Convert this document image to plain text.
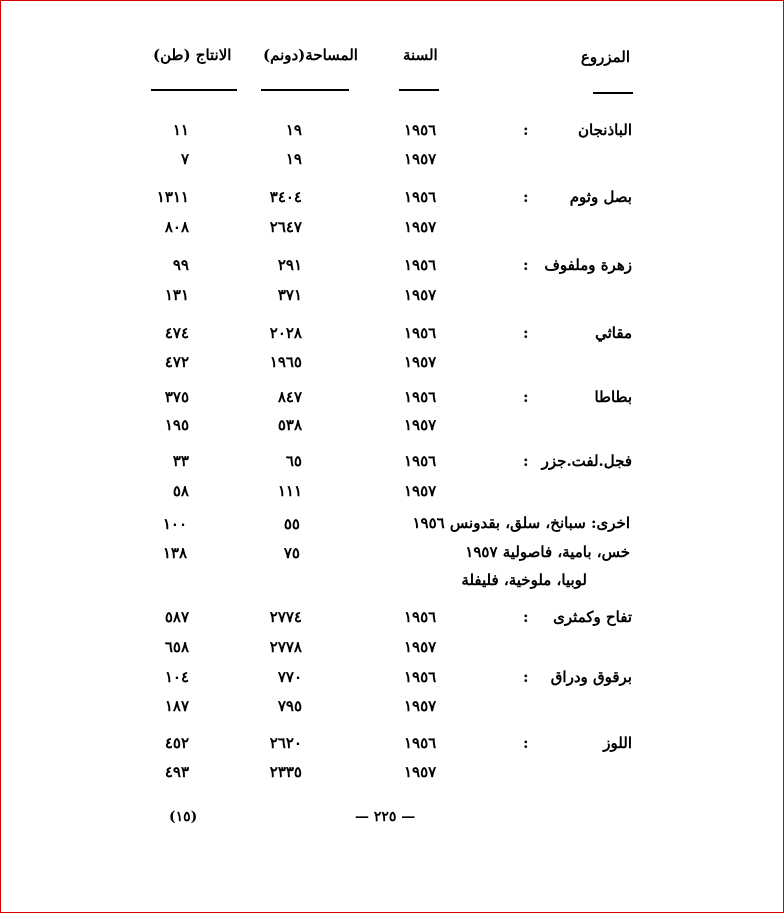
المزروع
السنة
المساحة(دونم)
الانتاج (طن)
الباذنجان
:
١٩٥٦
١٩
١١
١٩٥٧
١٩
٧
بصل وثوم
:
١٩٥٦
٣٤٠٤
١٣١١
١٩٥٧
٢٦٤٧
٨٠٨
زهرة وملفوف
:
١٩٥٦
٢٩١
٩٩
١٩٥٧
٣٧١
١٣١
مقاثي
:
١٩٥٦
٢٠٢٨
٤٧٤
١٩٥٧
١٩٦٥
٤٧٢
بطاطا
:
١٩٥٦
٨٤٧
٣٧٥
١٩٥٧
٥٣٨
١٩٥
فجل.لفت.جزر
:
١٩٥٦
٦٥
٣٣
١٩٥٧
١١١
٥٨
اخرى: سبانخ، سلق، بقدونس ١٩٥٦
٥٥
١٠٠
خس، بامية، فاصولية ١٩٥٧
٧٥
١٣٨
لوبيا، ملوخية، فليفلة
تفاح وكمثرى
:
١٩٥٦
٢٧٧٤
٥٨٧
١٩٥٧
٢٧٧٨
٦٥٨
برقوق ودراق
:
١٩٥٦
٧٧٠
١٠٤
١٩٥٧
٧٩٥
١٨٧
اللوز
:
١٩٥٦
٢٦٢٠
٤٥٢
١٩٥٧
٢٣٣٥
٤٩٣
(١٥)	— ٢٢٥ —
